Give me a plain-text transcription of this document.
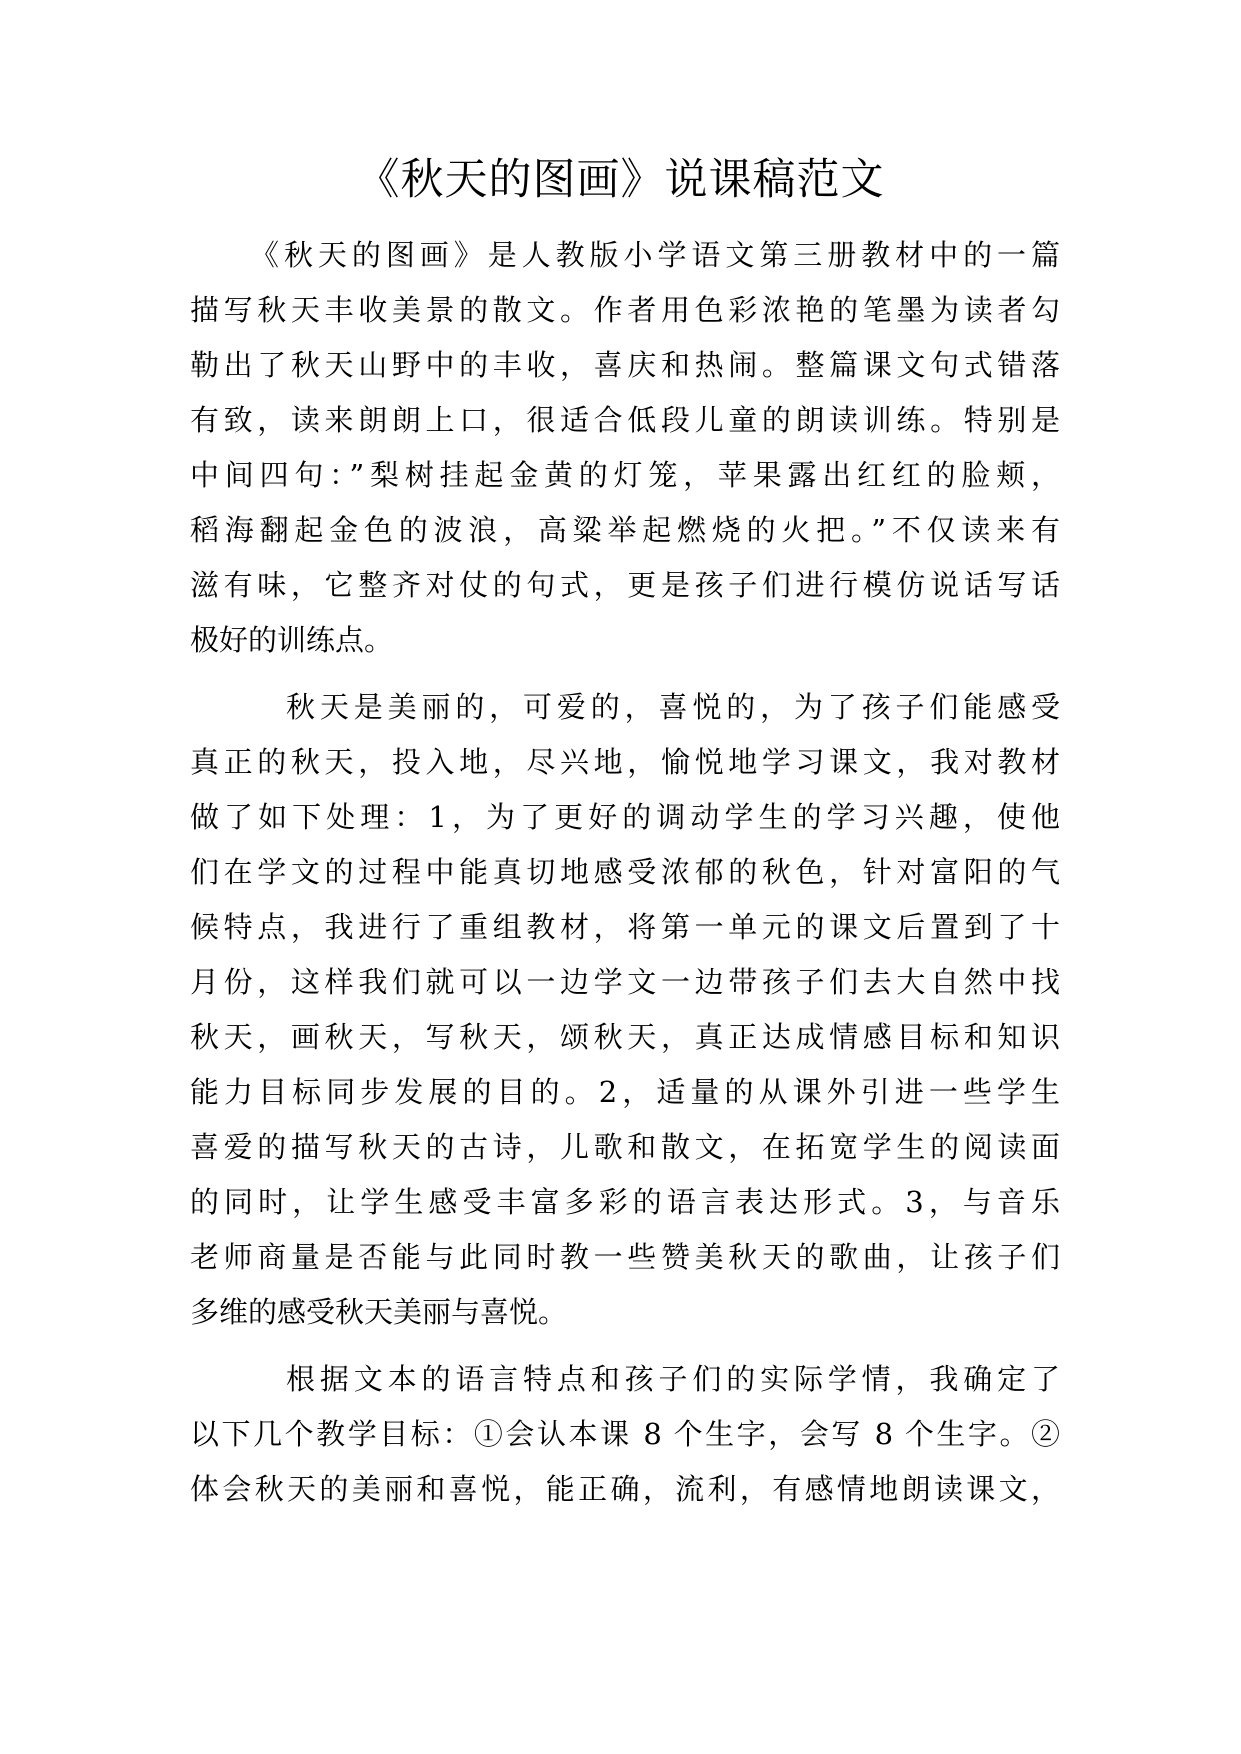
《秋天的图画》说课稿范文

《秋天的图画》是人教版小学语文第三册教材中的一篇
描写秋天丰收美景的散文。作者用色彩浓艳的笔墨为读者勾
勒出了秋天山野中的丰收，喜庆和热闹。整篇课文句式错落
有致，读来朗朗上口，很适合低段儿童的朗读训练。特别是
中间四句：”梨树挂起金黄的灯笼，苹果露出红红的脸颊，
稻海翻起金色的波浪，高粱举起燃烧的火把。”不仅读来有
滋有味，它整齐对仗的句式，更是孩子们进行模仿说话写话
极好的训练点。

秋天是美丽的，可爱的，喜悦的，为了孩子们能感受
真正的秋天，投入地，尽兴地，愉悦地学习课文，我对教材
做了如下处理：1，为了更好的调动学生的学习兴趣，使他
们在学文的过程中能真切地感受浓郁的秋色，针对富阳的气
候特点，我进行了重组教材，将第一单元的课文后置到了十
月份，这样我们就可以一边学文一边带孩子们去大自然中找
秋天，画秋天，写秋天，颂秋天，真正达成情感目标和知识
能力目标同步发展的目的。2，适量的从课外引进一些学生
喜爱的描写秋天的古诗，儿歌和散文，在拓宽学生的阅读面
的同时，让学生感受丰富多彩的语言表达形式。3，与音乐
老师商量是否能与此同时教一些赞美秋天的歌曲，让孩子们
多维的感受秋天美丽与喜悦。

根据文本的语言特点和孩子们的实际学情，我确定了
以下几个教学目标：①会认本课 8 个生字，会写 8 个生字。②
体会秋天的美丽和喜悦，能正确，流利，有感情地朗读课文，
